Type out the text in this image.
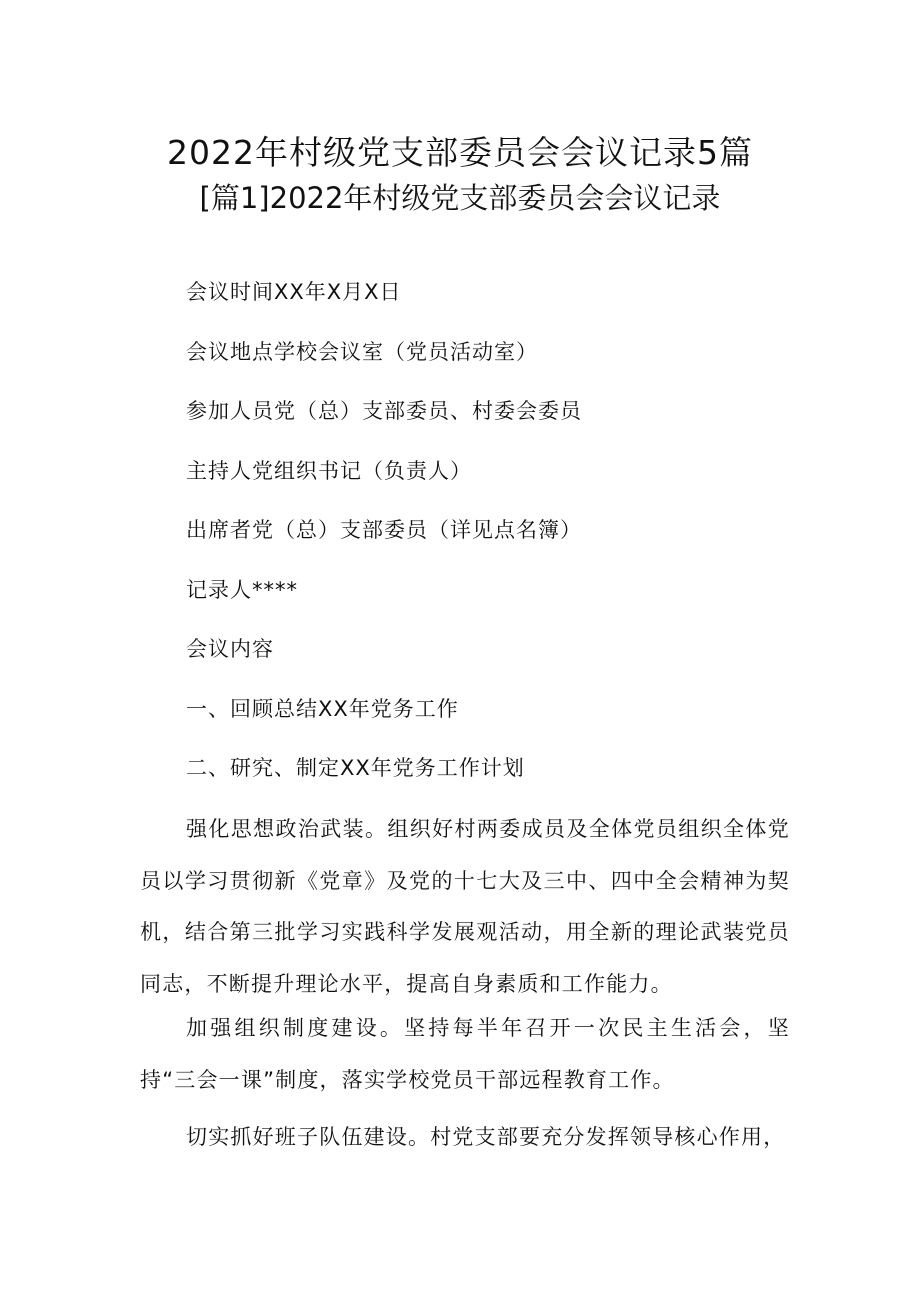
2022年村级党支部委员会会议记录5篇
[篇1]2022年村级党支部委员会会议记录
会议时间XX年X月X日
会议地点学校会议室（党员活动室）
参加人员党（总）支部委员、村委会委员
主持人党组织书记（负责人）
出席者党（总）支部委员（详见点名簿）
记录人****
会议内容
一、回顾总结XX年党务工作
二、研究、制定XX年党务工作计划

强化思想政治武装。组织好村两委成员及全体党员组织全体党员以学习贯彻新《党章》及党的十七大及三中、四中全会精神为契机，结合第三批学习实践科学发展观活动，用全新的理论武装党员同志，不断提升理论水平，提高自身素质和工作能力。

加强组织制度建设。坚持每半年召开一次民主生活会，坚持“三会一课”制度，落实学校党员干部远程教育工作。

切实抓好班子队伍建设。村党支部要充分发挥领导核心作用，
